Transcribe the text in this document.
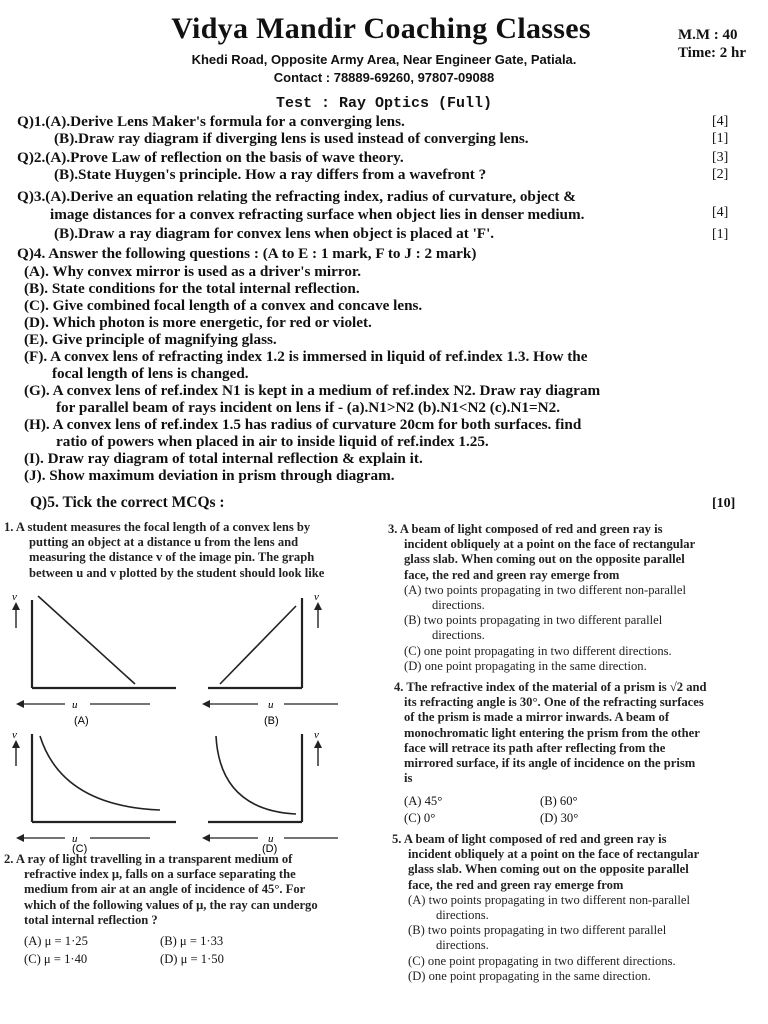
Vidya Mandir Coaching Classes	M.M : 40
Time: 2 hr
Khedi Road, Opposite Army Area, Near Engineer Gate, Patiala.
Contact : 78889-69260, 97807-09088
Test : Ray Optics (Full)
Q)1.(A).Derive Lens Maker's formula for a converging lens.	[4]
(B).Draw ray diagram if diverging lens is used instead of converging lens.	[1]
Q)2.(A).Prove Law of reflection on the basis of wave theory.	[3]
(B).State Huygen's principle. How a ray differs from a wavefront ?	[2]
Q)3.(A).Derive an equation relating the refracting index, radius of curvature, object &
image distances for a convex refracting surface when object lies in denser medium.	[4]
(B).Draw a ray diagram for convex lens when object is placed at 'F'.	[1]
Q)4. Answer the following questions : (A to E : 1 mark, F to J : 2 mark)
(A). Why convex mirror is used as a driver's mirror.
(B). State conditions for the total internal reflection.
(C). Give combined focal length of a convex and concave lens.
(D). Which photon is more energetic, for red or violet.
(E). Give principle of magnifying glass.
(F). A convex lens of refracting index 1.2 is immersed in liquid of ref.index 1.3. How the
focal length of lens is changed.
(G). A convex lens of ref.index N1 is kept in a medium of ref.index N2. Draw ray diagram
for parallel beam of rays incident on lens if - (a).N1>N2 (b).N1<N2 (c).N1=N2.
(H). A convex lens of ref.index 1.5 has radius of curvature 20cm for both surfaces. find
ratio of powers when placed in air to inside liquid of ref.index 1.25.
(I). Draw ray diagram of total internal reflection & explain it.
(J). Show maximum deviation in prism through diagram.
Q)5. Tick the correct MCQs :	[10]
1. A student measures the focal length of a convex lens by
putting an object at a distance u from the lens and
measuring the distance v of the image pin. The graph
between u and v plotted by the student should look like
v
u
(A)
v
u
(B)
v
u
(C)
v
u
(D)
2. A ray of light travelling in a transparent medium of
refractive index μ, falls on a surface separating the
medium from air at an angle of incidence of 45°. For
which of the following values of μ, the ray can undergo
total internal reflection ?
(A) μ = 1·25	(B) μ = 1·33
(C) μ = 1·40	(D) μ = 1·50
3. A beam of light composed of red and green ray is
incident obliquely at a point on the face of rectangular
glass slab. When coming out on the opposite parallel
face, the red and green ray emerge from
(A) two points propagating in two different non-parallel
directions.
(B) two points propagating in two different parallel
directions.
(C) one point propagating in two different directions.
(D) one point propagating in the same direction.
4. The refractive index of the material of a prism is √2 and
its refracting angle is 30°. One of the refracting surfaces
of the prism is made a mirror inwards. A beam of
monochromatic light entering the prism from the other
face will retrace its path after reflecting from the
mirrored surface, if its angle of incidence on the prism
is
(A) 45°	(B) 60°
(C) 0°	(D) 30°
5. A beam of light composed of red and green ray is
incident obliquely at a point on the face of rectangular
glass slab. When coming out on the opposite parallel
face, the red and green ray emerge from
(A) two points propagating in two different non-parallel
directions.
(B) two points propagating in two different parallel
directions.
(C) one point propagating in two different directions.
(D) one point propagating in the same direction.
